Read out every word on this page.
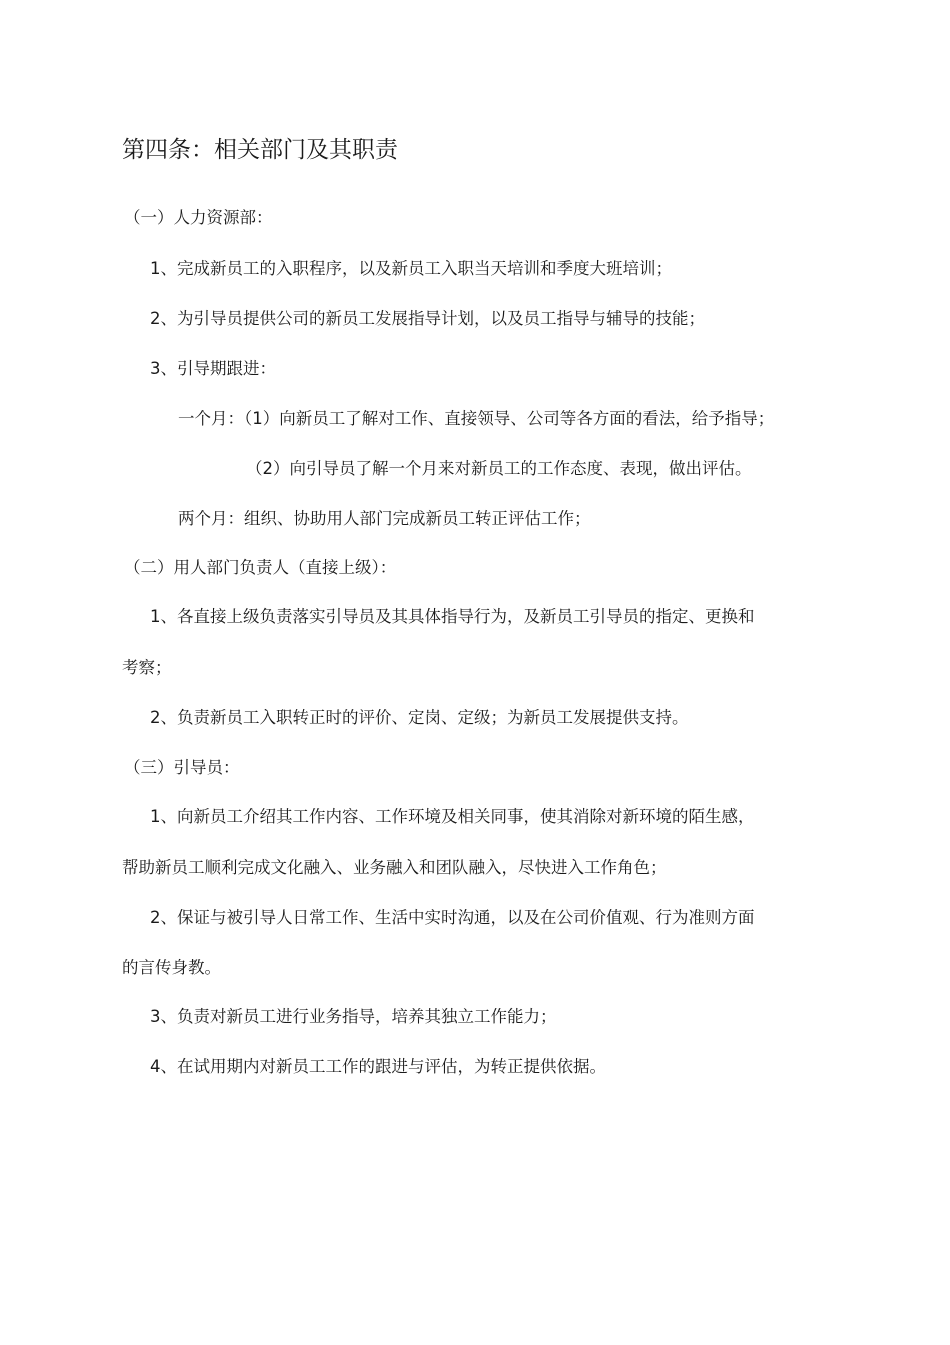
第四条：相关部门及其职责
（一）人力资源部：
1、完成新员工的入职程序，以及新员工入职当天培训和季度大班培训；
2、为引导员提供公司的新员工发展指导计划，以及员工指导与辅导的技能；
3、引导期跟进：
一个月：（1）向新员工了解对工作、直接领导、公司等各方面的看法，给予指导；
（2）向引导员了解一个月来对新员工的工作态度、表现，做出评估。
两个月：组织、协助用人部门完成新员工转正评估工作；
（二）用人部门负责人（直接上级）：
1、各直接上级负责落实引导员及其具体指导行为，及新员工引导员的指定、更换和
考察；
2、负责新员工入职转正时的评价、定岗、定级；为新员工发展提供支持。
（三）引导员：
1、向新员工介绍其工作内容、工作环境及相关同事，使其消除对新环境的陌生感，
帮助新员工顺利完成文化融入、业务融入和团队融入，尽快进入工作角色；
2、保证与被引导人日常工作、生活中实时沟通，以及在公司价值观、行为准则方面
的言传身教。
3、负责对新员工进行业务指导，培养其独立工作能力；
4、在试用期内对新员工工作的跟进与评估，为转正提供依据。
